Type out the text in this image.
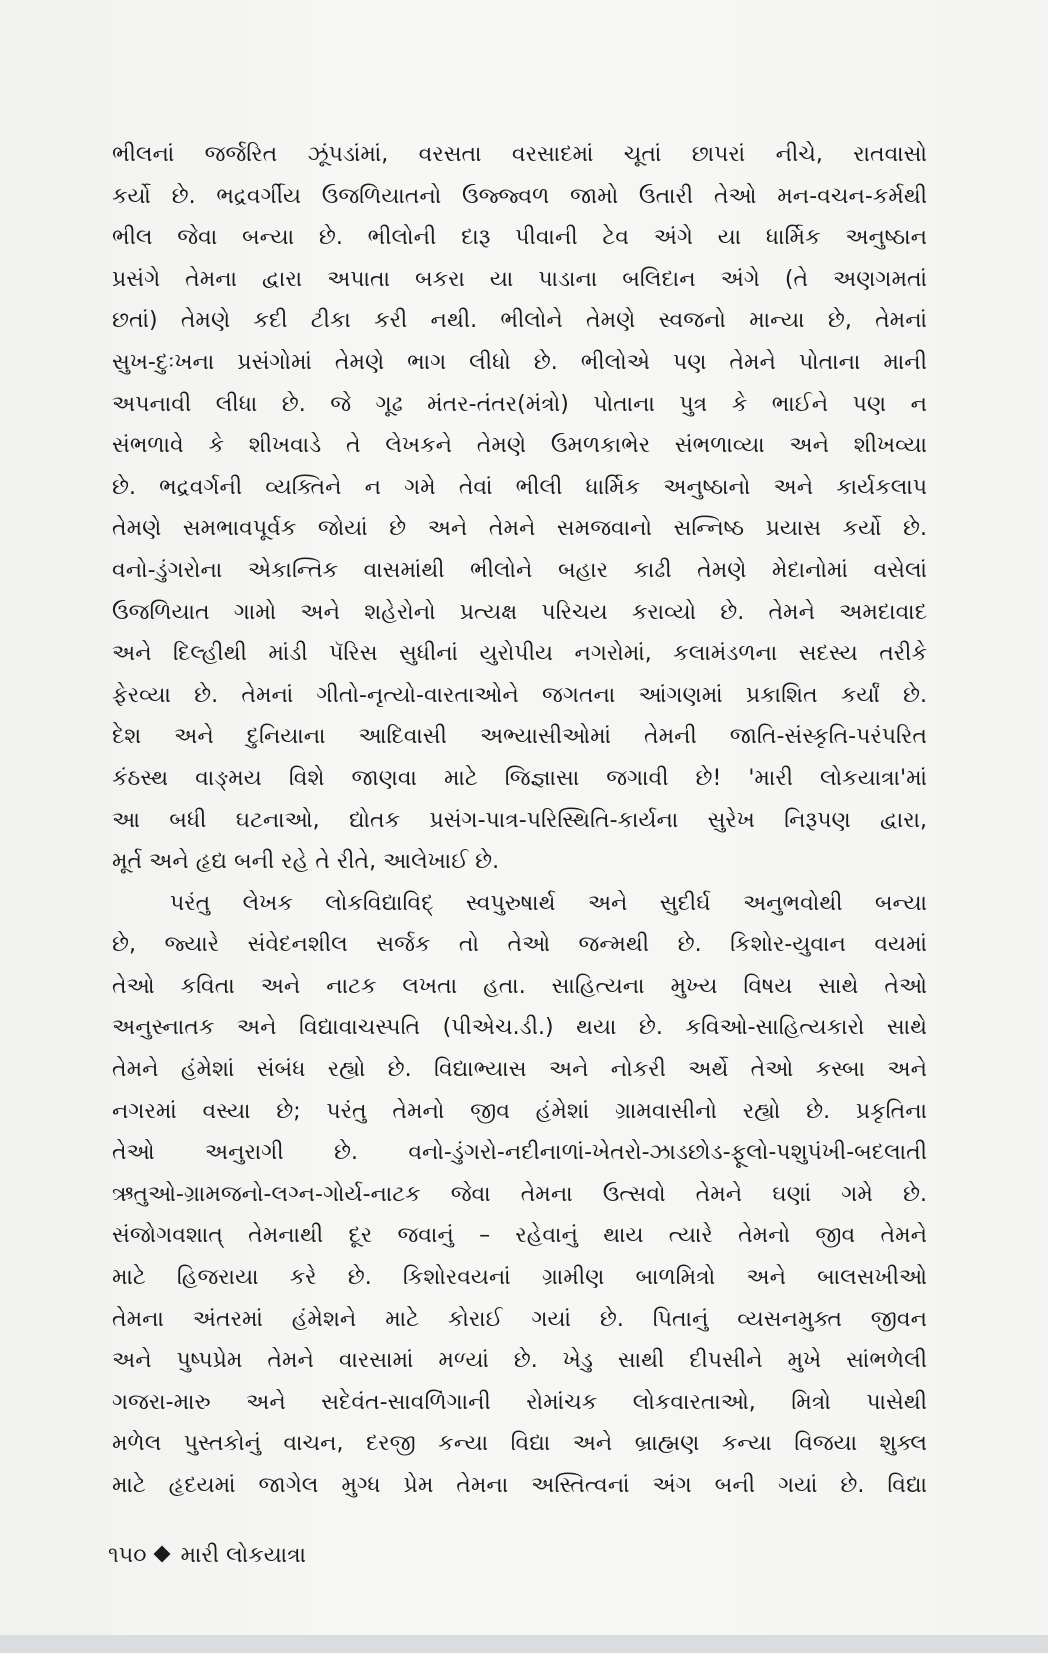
ભીલનાં જર્જરિત ઝૂંપડાંમાં, વરસતા વરસાદમાં ચૂતાં છાપરાં નીચે, રાતવાસો
કર્યો છે. ભદ્રવર્ગીય ઉજળિયાતનો ઉજ્જ્વળ જામો ઉતારી તેઓ મન-વચન-કર્મથી
ભીલ જેવા બન્યા છે. ભીલોની દારૂ પીવાની ટેવ અંગે યા ધાર્મિક અનુષ્ઠાન
પ્રસંગે તેમના દ્વારા અપાતા બકરા યા પાડાના બલિદાન અંગે (તે અણગમતાં
છતાં) તેમણે કદી ટીકા કરી નથી. ભીલોને તેમણે સ્વજનો માન્યા છે, તેમનાં
સુખ-દુઃખના પ્રસંગોમાં તેમણે ભાગ લીધો છે. ભીલોએ પણ તેમને પોતાના માની
અપનાવી લીધા છે. જે ગૂઢ મંતર-તંતર(મંત્રો) પોતાના પુત્ર કે ભાઈને પણ ન
સંભળાવે કે શીખવાડે તે લેખકને તેમણે ઉમળકાભેર સંભળાવ્યા અને શીખવ્યા
છે. ભદ્રવર્ગની વ્યક્તિને ન ગમે તેવાં ભીલી ધાર્મિક અનુષ્ઠાનો અને કાર્યકલાપ
તેમણે સમભાવપૂર્વક જોયાં છે અને તેમને સમજવાનો સન્નિષ્ઠ પ્રયાસ કર્યો છે.
વનો-ડુંગરોના એકાન્તિક વાસમાંથી ભીલોને બહાર કાઢી તેમણે મેદાનોમાં વસેલાં
ઉજળિયાત ગામો અને શહેરોનો પ્રત્યક્ષ પરિચય કરાવ્યો છે. તેમને અમદાવાદ
અને દિલ્હીથી માંડી પૅરિસ સુધીનાં યુરોપીય નગરોમાં, કલામંડળના સદસ્ય તરીકે
ફેરવ્યા છે. તેમનાં ગીતો-નૃત્યો-વારતાઓને જગતના આંગણમાં પ્રકાશિત કર્યાં છે.
દેશ અને દુનિયાના આદિવાસી અભ્યાસીઓમાં તેમની જાતિ-સંસ્કૃતિ-પરંપરિત
કંઠસ્થ વાઙ્મય વિશે જાણવા માટે જિજ્ઞાસા જગાવી છે! 'મારી લોકયાત્રા'માં
આ બધી ઘટનાઓ, દ્યોતક પ્રસંગ-પાત્ર-પરિસ્થિતિ-કાર્યના સુરેખ નિરૂપણ દ્વારા,
મૂર્ત અને હૃદ્ય બની રહે તે રીતે, આલેખાઈ છે.
પરંતુ લેખક લોકવિદ્યાવિદ્ સ્વપુરુષાર્થ અને સુદીર્ઘ અનુભવોથી બન્યા
છે, જ્યારે સંવેદનશીલ સર્જક તો તેઓ જન્મથી છે. કિશોર-યુવાન વયમાં
તેઓ કવિતા અને નાટક લખતા હતા. સાહિત્યના મુખ્ય વિષય સાથે તેઓ
અનુસ્નાતક અને વિદ્યાવાચસ્પતિ (પીએચ.ડી.) થયા છે. કવિઓ-સાહિત્યકારો સાથે
તેમને હંમેશાં સંબંધ રહ્યો છે. વિદ્યાભ્યાસ અને નોકરી અર્થે તેઓ કસ્બા અને
નગરમાં વસ્યા છે; પરંતુ તેમનો જીવ હંમેશાં ગ્રામવાસીનો રહ્યો છે. પ્રકૃતિના
તેઓ અનુરાગી છે. વનો-ડુંગરો-નદીનાળાં-ખેતરો-ઝાડછોડ-ફૂલો-પશુપંખી-બદલાતી
ઋતુઓ-ગ્રામજનો-લગ્ન-ગોર્ય-નાટક જેવા તેમના ઉત્સવો તેમને ઘણાં ગમે છે.
સંજોગવશાત્ તેમનાથી દૂર જવાનું – રહેવાનું થાય ત્યારે તેમનો જીવ તેમને
માટે હિજરાયા કરે છે. કિશોરવયનાં ગ્રામીણ બાળમિત્રો અને બાલસખીઓ
તેમના અંતરમાં હંમેશને માટે કોરાઈ ગયાં છે. પિતાનું વ્યસનમુક્ત જીવન
અને પુષ્પપ્રેમ તેમને વારસામાં મળ્યાં છે. ખેડુ સાથી દીપસીને મુખે સાંભળેલી
ગજરા-મારુ અને સદેવંત-સાવળિંગાની રોમાંચક લોકવારતાઓ, મિત્રો પાસેથી
મળેલ પુસ્તકોનું વાચન, દરજી કન્યા વિદ્યા અને બ્રાહ્મણ કન્યા વિજયા શુક્લ
માટે હૃદયમાં જાગેલ મુગ્ધ પ્રેમ તેમના અસ્તિત્વનાં અંગ બની ગયાં છે. વિદ્યા
૧૫૦ મારી લોકયાત્રા
